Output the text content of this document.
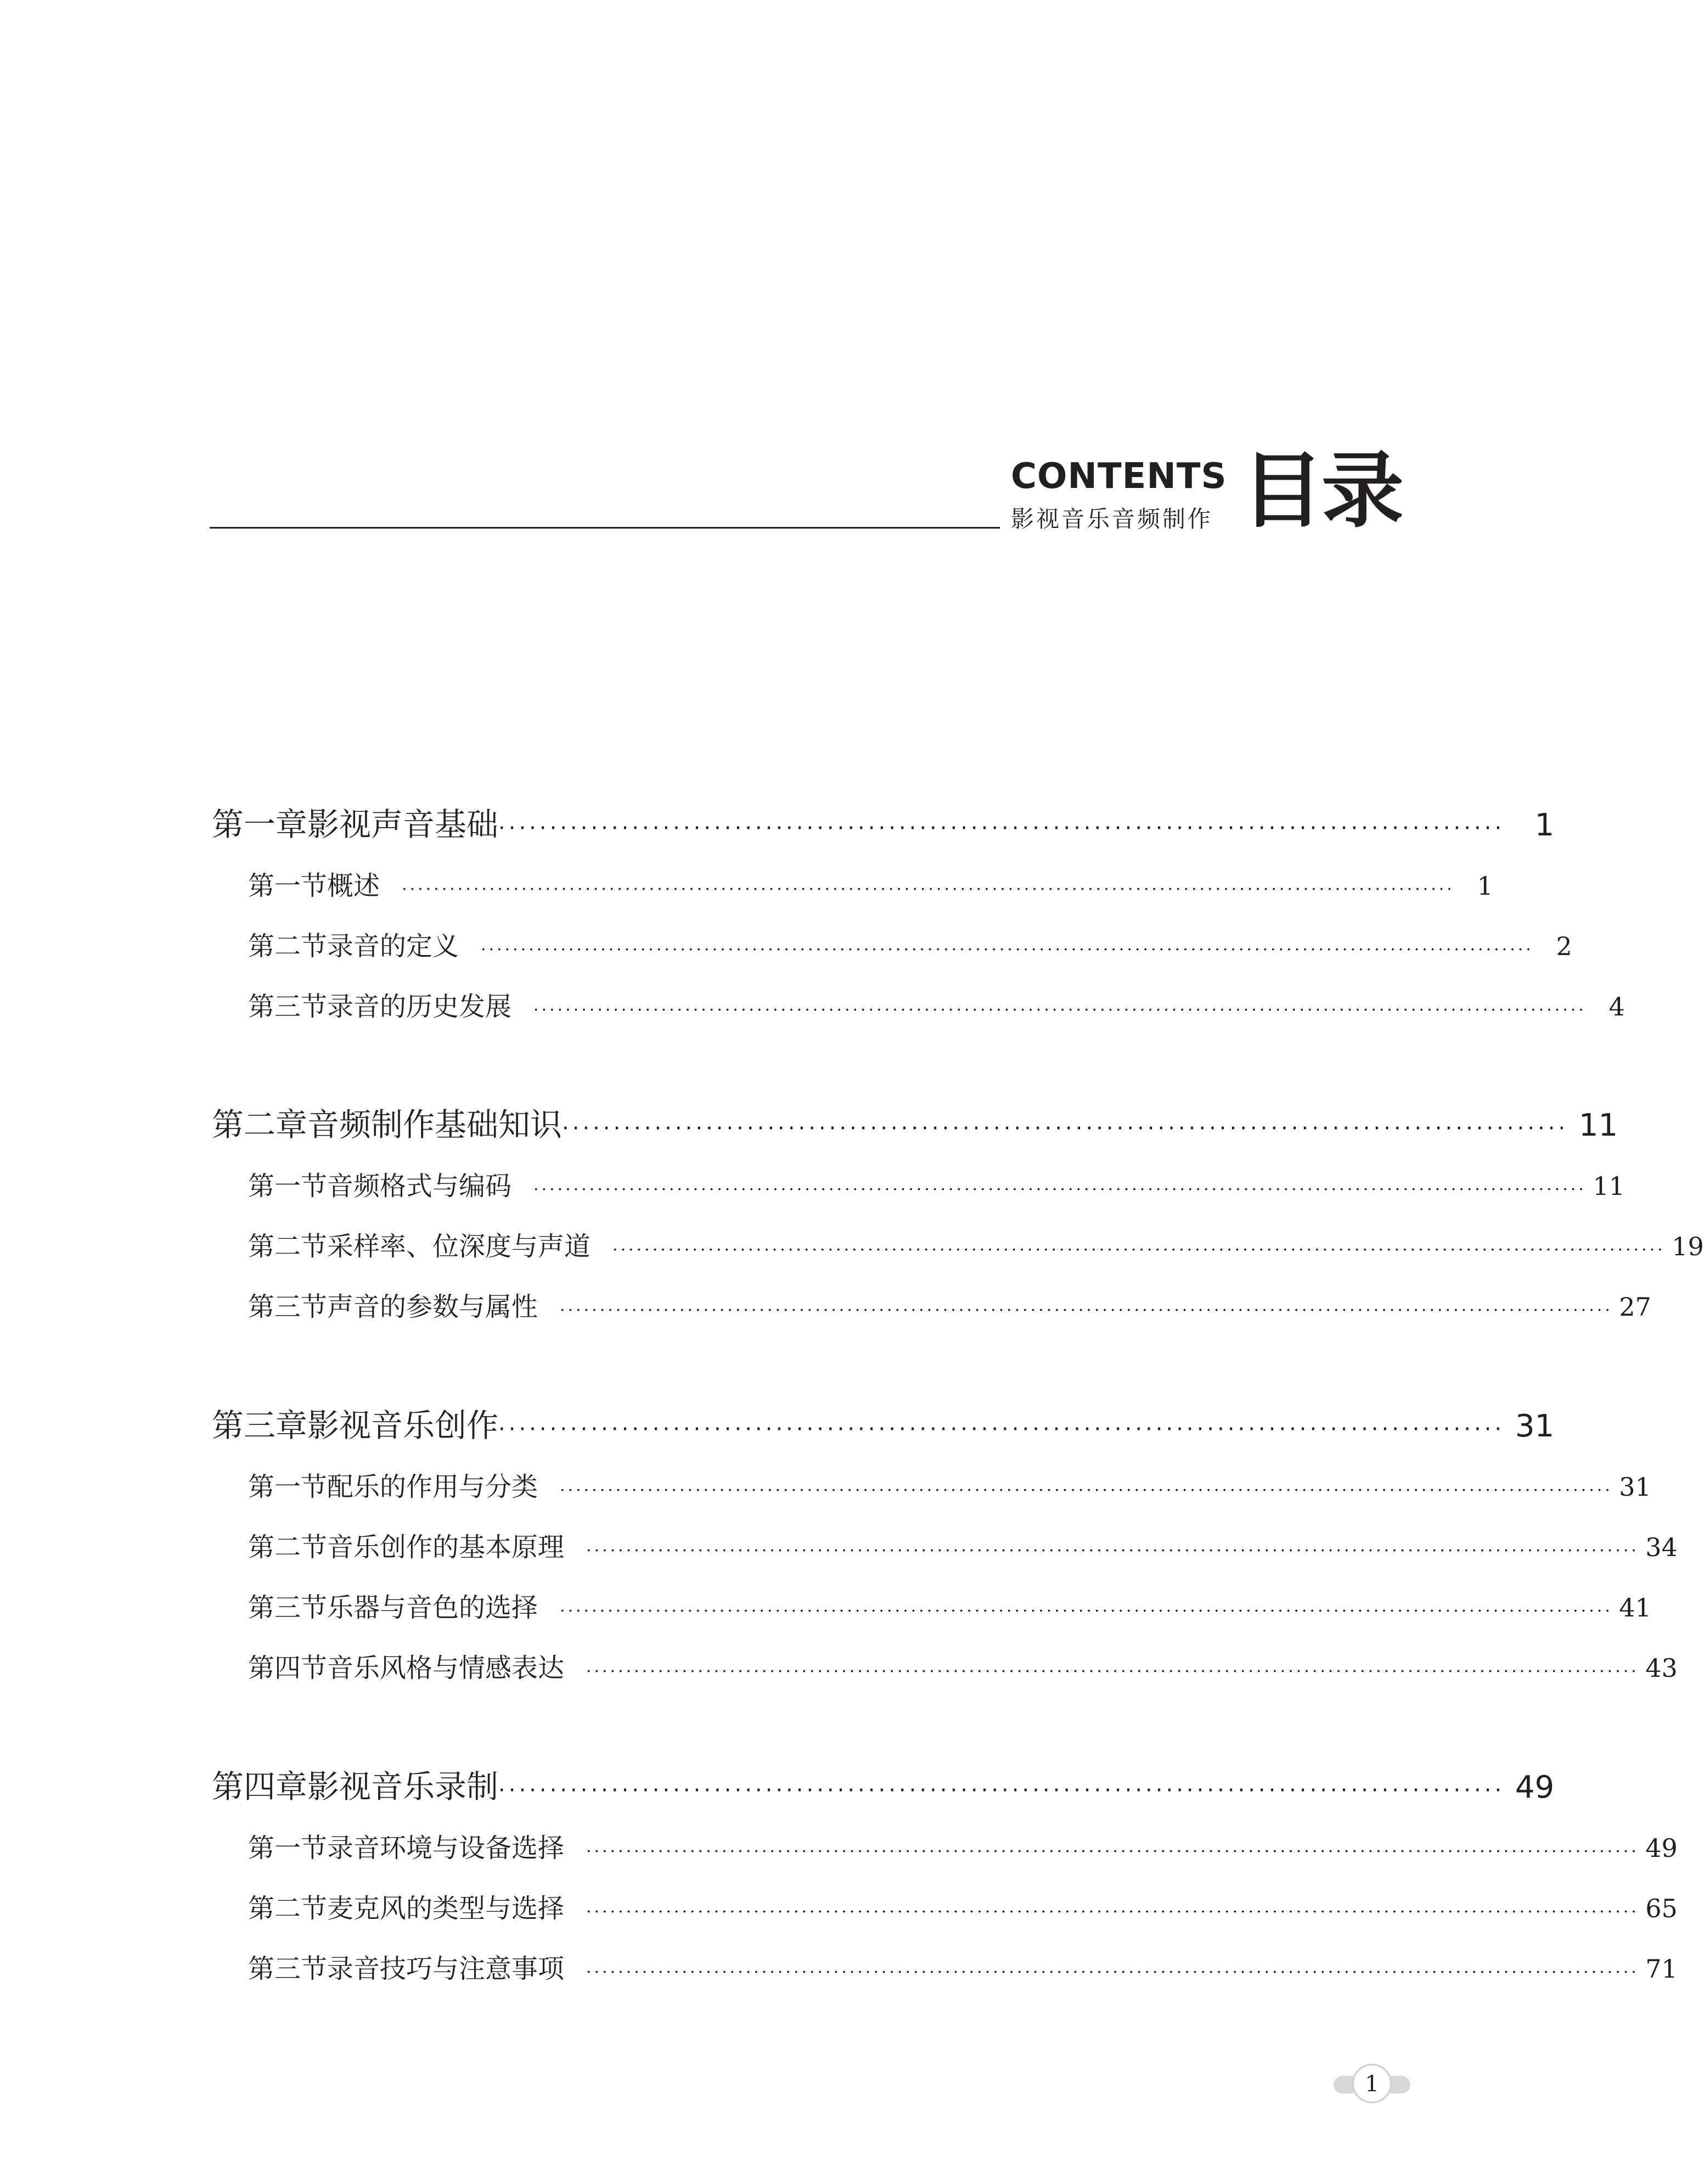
CONTENTS
影视音乐音频制作 目录
第一章 影视声音基础 ·································································································· 1
第一节 概述	···································································································································· 1
第二节 录音的定义	···································································································································· 2
第三节 录音的历史发展	···································································································································· 4
第二章 音频制作基础知识 ·································································································· 11
第一节 音频格式与编码	···································································································································· 11
第二节 采样率、位深度与声道	···································································································································· 19
第三节 声音的参数与属性	···································································································································· 27
第三章 影视音乐创作 ·································································································· 31
第一节 配乐的作用与分类	···································································································································· 31
第二节 音乐创作的基本原理	···································································································································· 34
第三节 乐器与音色的选择	···································································································································· 41
第四节 音乐风格与情感表达	···································································································································· 43
第四章 影视音乐录制 ·································································································· 49
第一节 录音环境与设备选择	···································································································································· 49
第二节 麦克风的类型与选择	···································································································································· 65
第三节 录音技巧与注意事项	···································································································································· 71
1
